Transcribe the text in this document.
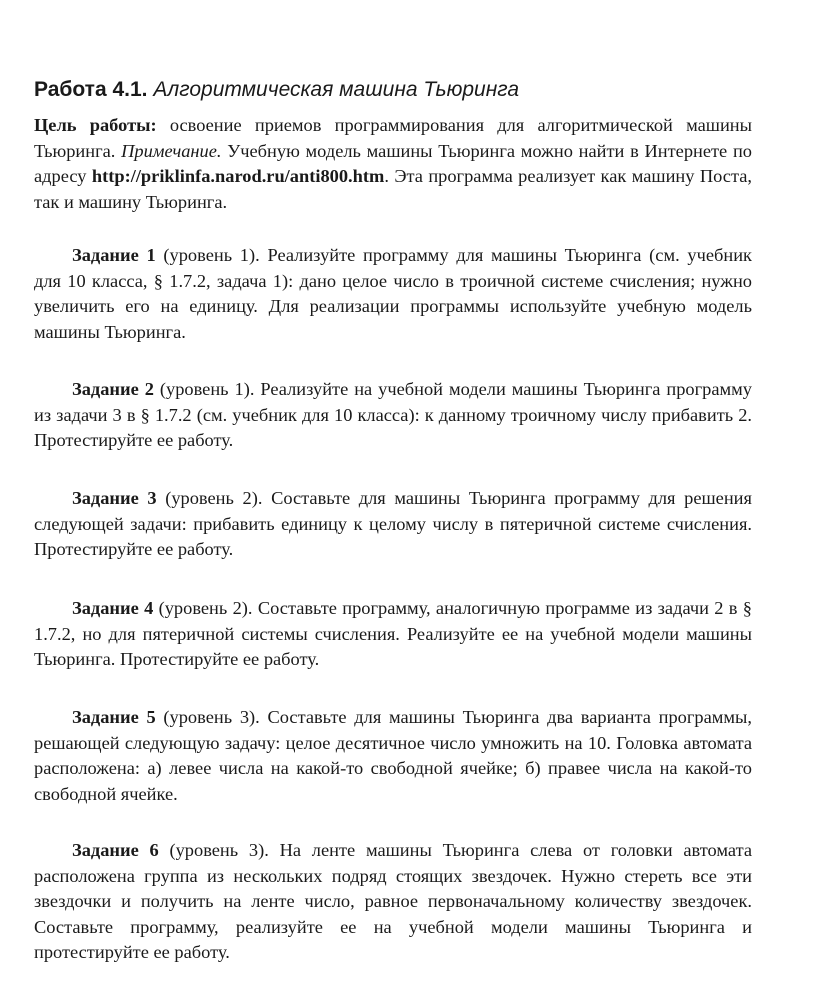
Работа 4.1. Алгоритмическая машина Тьюринга
Цель работы: освоение приемов программирования для алгоритмической машины Тьюринга. Примечание. Учебную модель машины Тьюринга можно найти в Интернете по адресу http://priklinfa.narod.ru/anti800.htm. Эта программа реализует как машину Поста, так и машину Тьюринга.
Задание 1 (уровень 1). Реализуйте программу для машины Тьюринга (см. учебник для 10 класса, § 1.7.2, задача 1): дано целое число в троичной системе счисления; нужно увеличить его на единицу. Для реализации программы используйте учебную модель машины Тьюринга.
Задание 2 (уровень 1). Реализуйте на учебной модели машины Тьюринга программу из задачи 3 в § 1.7.2 (см. учебник для 10 класса): к данному троичному числу прибавить 2. Протестируйте ее работу.
Задание 3 (уровень 2). Составьте для машины Тьюринга программу для решения следующей задачи: прибавить единицу к целому числу в пятеричной системе счисления. Протестируйте ее работу.
Задание 4 (уровень 2). Составьте программу, аналогичную программе из задачи 2 в § 1.7.2, но для пятеричной системы счисления. Реализуйте ее на учебной модели машины Тьюринга. Протестируйте ее работу.
Задание 5 (уровень 3). Составьте для машины Тьюринга два варианта программы, решающей следующую задачу: целое десятичное число умножить на 10. Головка автомата расположена: а) левее числа на какой-то свободной ячейке; б) правее числа на какой-то свободной ячейке.
Задание 6 (уровень 3). На ленте машины Тьюринга слева от головки автомата расположена группа из нескольких подряд стоящих звездочек. Нужно стереть все эти звездочки и получить на ленте число, равное первоначальному количеству звездочек. Составьте программу, реализуйте ее на учебной модели машины Тьюринга и протестируйте ее работу.
